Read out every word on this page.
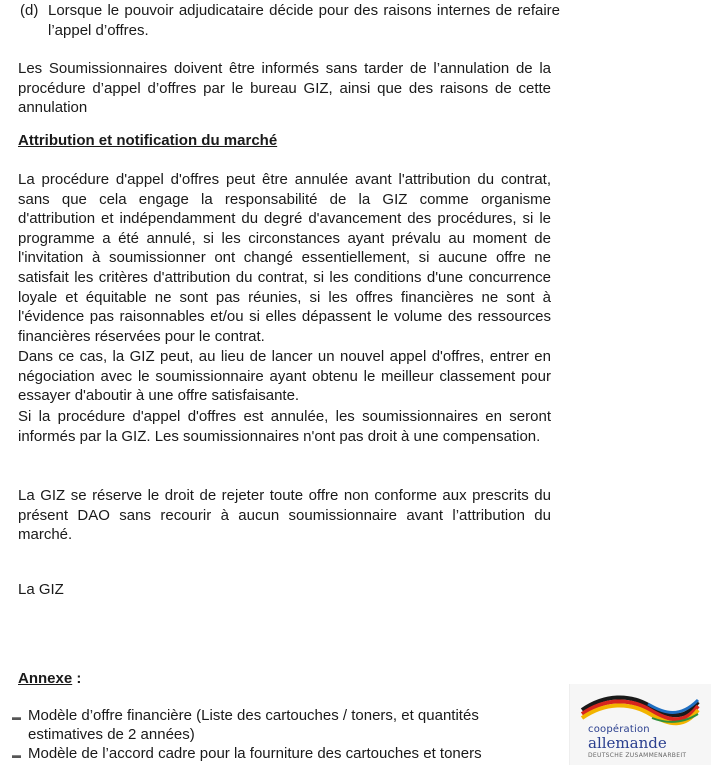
(d) Lorsque le pouvoir adjudicataire décide pour des raisons internes de refaire l’appel d’offres.

Les Soumissionnaires doivent être informés sans tarder de l’annulation de la procédure d’appel d’offres par le bureau GIZ, ainsi que des raisons de cette annulation

Attribution et notification du marché

La procédure d'appel d'offres peut être annulée avant l'attribution du contrat, sans que cela engage la responsabilité de la GIZ comme organisme d'attribution et indépendamment du degré d'avancement des procédures, si le programme a été annulé, si les circonstances ayant prévalu au moment de l'invitation à soumissionner ont changé essentiellement, si aucune offre ne satisfait les critères d'attribution du contrat, si les conditions d'une concurrence loyale et équitable ne sont pas réunies, si les offres financières ne sont à l'évidence pas raisonnables et/ou si elles dépassent le volume des ressources financières réservées pour le contrat.

Dans ce cas, la GIZ peut, au lieu de lancer un nouvel appel d'offres, entrer en négociation avec le soumissionnaire ayant obtenu le meilleur classement pour essayer d'aboutir à une offre satisfaisante.

Si la procédure d'appel d'offres est annulée, les soumissionnaires en seront informés par la GIZ. Les soumissionnaires n'ont pas droit à une compensation.

La GIZ se réserve le droit de rejeter toute offre non conforme aux prescrits du présent DAO sans recourir à aucun soumissionnaire avant l’attribution du marché.

La GIZ
Annexe :
▬ Modèle d’offre financière (Liste des cartouches / toners, et quantités estimatives de 2 années)
▬ Modèle de l’accord cadre pour la fourniture des cartouches et toners
coopération
allemande
DEUTSCHE ZUSAMMENARBEIT
